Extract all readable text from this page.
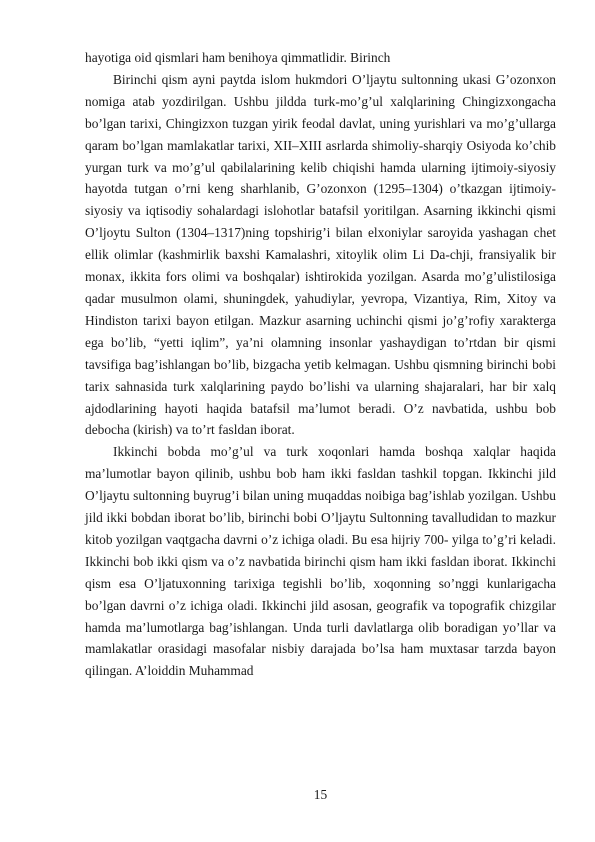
hayotiga oid qismlari ham benihoya qimmatlidir. Birinch

Birinchi qism ayni paytda islom hukmdori O’ljaytu sultonning ukasi G’ozonxon nomiga atab yozdirilgan. Ushbu jildda turk-mo’g’ul xalqlarining Chingizxongacha bo’lgan tarixi, Chingizxon tuzgan yirik feodal davlat, uning yurishlari va mo’g’ullarga qaram bo’lgan mamlakatlar tarixi, XII–XIII asrlarda shimoliy-sharqiy Osiyoda ko’chib yurgan turk va mo’g’ul qabilalarining kelib chiqishi hamda ularning ijtimoiy-siyosiy hayotda tutgan o’rni keng sharhlanib, G’ozonxon (1295–1304) o’tkazgan ijtimoiy-siyosiy va iqtisodiy sohalardagi islohotlar batafsil yoritilgan. Asarning ikkinchi qismi O’ljoytu Sulton (1304–1317)ning topshirig’i bilan elxoniylar saroyida yashagan chet ellik olimlar (kashmirlik baxshi Kamalashri, xitoylik olim Li Da-chji, fransiyalik bir monax, ikkita fors olimi va boshqalar) ishtirokida yozilgan. Asarda mo’g’ulistilosiga qadar musulmon olami, shuningdek, yahudiylar, yevropa, Vizantiya, Rim, Xitoy va Hindiston tarixi bayon etilgan. Mazkur asarning uchinchi qismi jo’g’rofiy xarakterga ega bo’lib, “yetti iqlim”, ya’ni olamning insonlar yashaydigan to’rtdan bir qismi tavsifiga bag’ishlangan bo’lib, bizgacha yetib kelmagan. Ushbu qismning birinchi bobi tarix sahnasida turk xalqlarining paydo bo’lishi va ularning shajaralari, har bir xalq ajdodlarining hayoti haqida batafsil ma’lumot beradi. O’z navbatida, ushbu bob debocha (kirish) va to’rt fasldan iborat.

Ikkinchi bobda mo’g’ul va turk xoqonlari hamda boshqa xalqlar haqida ma’lumotlar bayon qilinib, ushbu bob ham ikki fasldan tashkil topgan. Ikkinchi jild O’ljaytu sultonning buyrug’i bilan uning muqaddas noibiga bag’ishlab yozilgan. Ushbu jild ikki bobdan iborat bo’lib, birinchi bobi O’ljaytu Sultonning tavalludidan to mazkur kitob yozilgan vaqtgacha davrni o’z ichiga oladi. Bu esa hijriy 700- yilga to’g’ri keladi. Ikkinchi bob ikki qism va o’z navbatida birinchi qism ham ikki fasldan iborat. Ikkinchi qism esa O’ljatuxonning tarixiga tegishli bo’lib, xoqonning so’nggi kunlarigacha bo’lgan davrni o’z ichiga oladi. Ikkinchi jild asosan, geografik va topografik chizgilar hamda ma’lumotlarga bag’ishlangan. Unda turli davlatlarga olib boradigan yo’llar va mamlakatlar orasidagi masofalar nisbiy darajada bo’lsa ham muxtasar tarzda bayon qilingan. A’loiddin Muhammad

15
